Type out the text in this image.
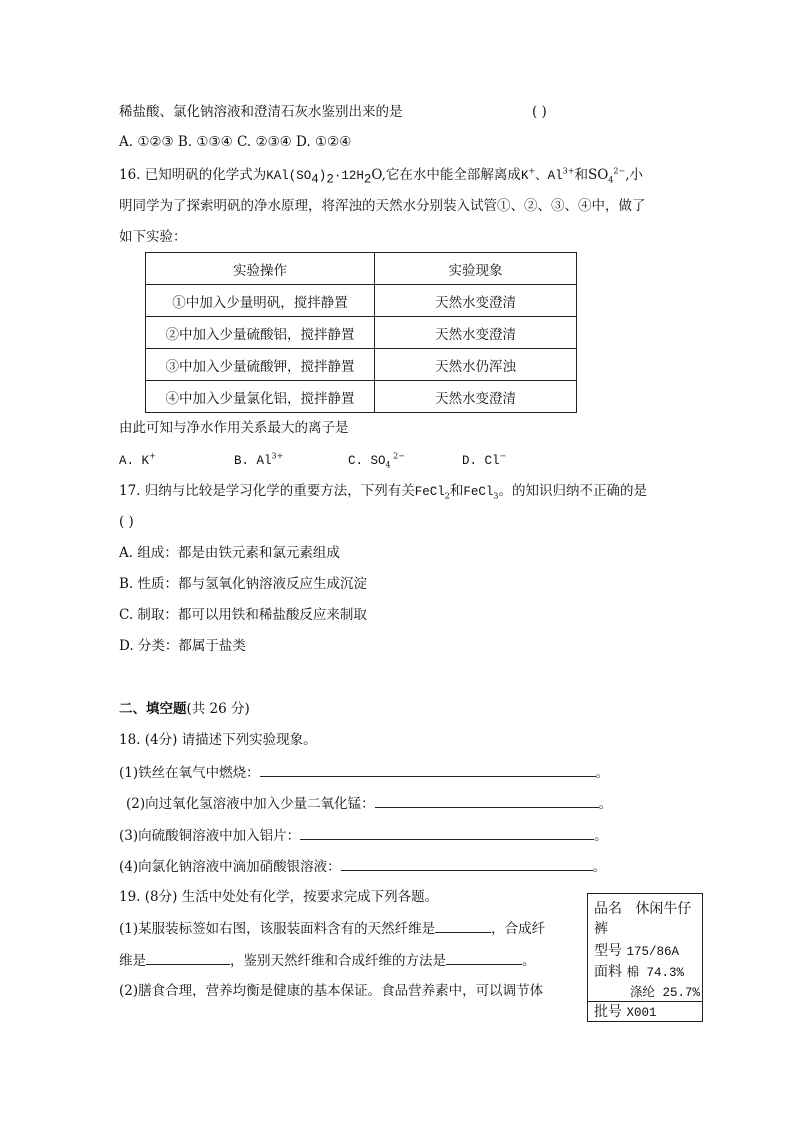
稀盐酸、氯化钠溶液和澄清石灰水鉴别出来的是	( )
A. ①②③ B. ①③④ C. ②③④ D. ①②④
16. 已知明矾的化学式为$KAl(SO_4)_2\cdot 12H_2O$,它在水中能全部解离成K+、$Al^{3+}$和$SO_4^{2-}$,小
明同学为了探索明矾的净水原理，将浑浊的天然水分别装入试管①、②、③、④中，做了
如下实验：
实验操作	实验现象
①中加入少量明矾，搅拌静置	天然水变澄清
②中加入少量硫酸铝，搅拌静置	天然水变澄清
③中加入少量硫酸钾，搅拌静置	天然水仍浑浊
④中加入少量氯化铝，搅拌静置	天然水变澄清
由此可知与净水作用关系最大的离子是
A. K+	B. $Al^{3+}$	C. $SO_4$ $^{2-}$	D. Cl−
17. 归纳与比较是学习化学的重要方法，下列有关FeCl$_2$和FeCl$_3$。的知识归纳不正确的是
( )
A. 组成：都是由铁元素和氯元素组成
B. 性质：都与氢氧化钠溶液反应生成沉淀
C. 制取：都可以用铁和稀盐酸反应来制取
D. 分类：都属于盐类
二、填空题(共 26 分)
18. (4分) 请描述下列实验现象。
(1)铁丝在氧气中燃烧：	。
(2)向过氧化氢溶液中加入少量二氧化锰：	。
(3)向硫酸铜溶液中加入铝片：	。
(4)向氯化钠溶液中滴加硝酸银溶液：	。
19. (8分) 生活中处处有化学，按要求完成下列各题。
(1)某服装标签如右图，该服装面料含有的天然纤维是	，合成纤
维是	，鉴别天然纤维和合成纤维的方法是	。
(2)膳食合理，营养均衡是健康的基本保证。食品营养素中，可以调节体
品名 休闲牛仔
裤
型号 175/86A
面料 棉 74.3%
涤纶 25.7%
批号 X001
